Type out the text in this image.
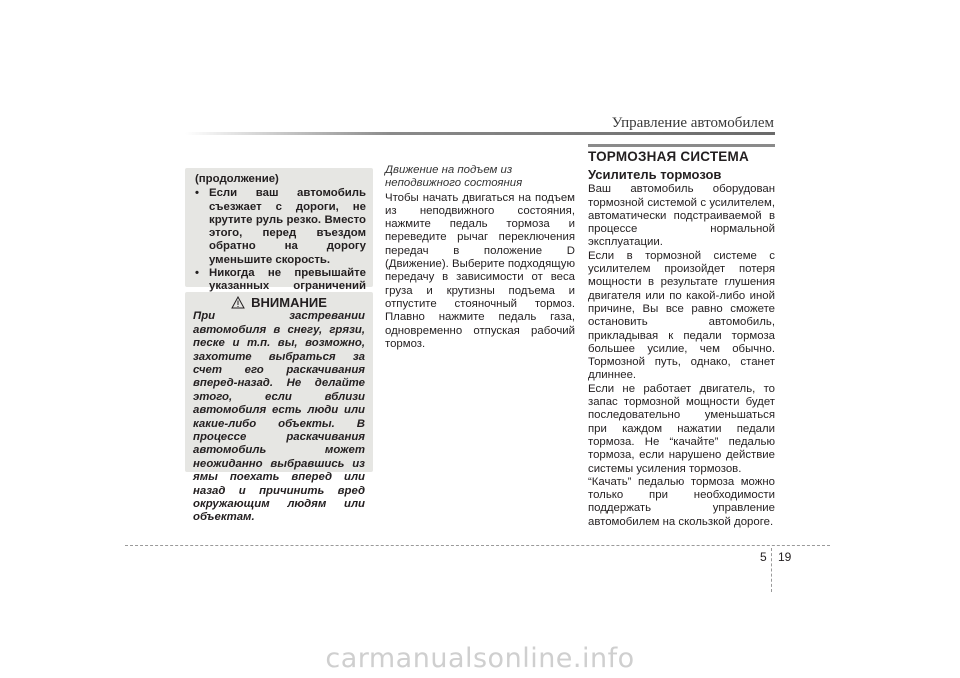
Управление автомобилем
(продолжение)
• Если ваш автомобиль съезжает с дороги, не крутите руль резко. Вместо этого, перед въездом обратно на дорогу уменьшите скорость.
• Никогда не превышайте указанных ограничений
ВНИМАНИЕ
При застревании автомобиля в снегу, грязи, песке и т.п. вы, возможно, захотите выбраться за счет его раскачивания вперед-назад. Не делайте этого, если вблизи автомобиля есть люди или какие-либо объекты. В процессе раскачивания автомобиль может неожиданно выбравшись из ямы поехать вперед или назад и причинить вред окружающим людям или объектам.
Движение на подъем из неподвижного состояния

Чтобы начать двигаться на подъем из неподвижного состояния, нажмите педаль тормоза и переведите рычаг переключения передач в положение D (Движение). Выберите подходящую передачу в зависимости от веса груза и крутизны подъема и отпустите стояночный тормоз. Плавно нажмите педаль газа, одновременно отпуская рабочий тормоз.

ТОРМОЗНАЯ СИСТЕМА
Усилитель тормозов

Ваш автомобиль оборудован тормозной системой с усилителем, автоматически подстраиваемой в процессе нормальной эксплуатации.

Если в тормозной системе с усилителем произойдет потеря мощности в результате глушения двигателя или по какой-либо иной причине, Вы все равно сможете остановить автомобиль, прикладывая к педали тормоза большее усилие, чем обычно. Тормозной путь, однако, станет длиннее.

Если не работает двигатель, то запас тормозной мощности будет последовательно уменьшаться при каждом нажатии педали тормоза. Не “качайте” педалью тормоза, если нарушено действие системы усиления тормозов.

“Качать” педалью тормоза можно только при необходимости поддержать управление автомобилем на скользкой дороге.

5 19
carmanualsonline.info
